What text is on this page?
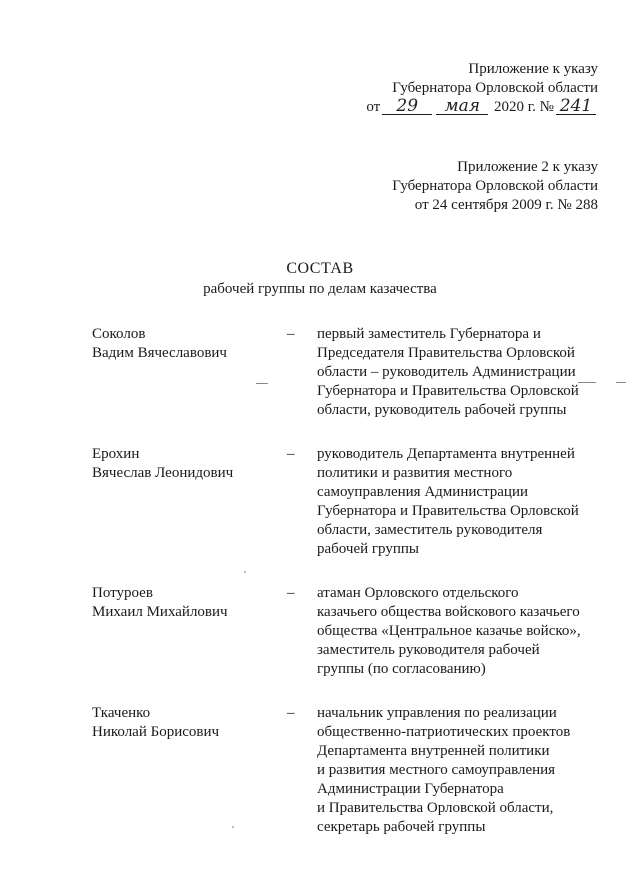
Приложение к указу
Губернатора Орловской области
от 29 мая 2020 г. № 241
Приложение 2 к указу
Губернатора Орловской области
от 24 сентября 2009 г. № 288
СОСТАВ
рабочей группы по делам казачества
Соколов
Вадим Вячеславович
–	первый заместитель Губернатора и
Председателя Правительства Орловской
области – руководитель Администрации
Губернатора и Правительства Орловской
области, руководитель рабочей группы
Ерохин
Вячеслав Леонидович
–	руководитель Департамента внутренней
политики и развития местного
самоуправления Администрации
Губернатора и Правительства Орловской
области, заместитель руководителя
рабочей группы
Потуроев
Михаил Михайлович
–	атаман Орловского отдельского
казачьего общества войскового казачьего
общества «Центральное казачье войско»,
заместитель руководителя рабочей
группы (по согласованию)
Ткаченко
Николай Борисович
–	начальник управления по реализации
общественно-патриотических проектов
Департамента внутренней политики
и развития местного самоуправления
Администрации Губернатора
и Правительства Орловской области,
секретарь рабочей группы
